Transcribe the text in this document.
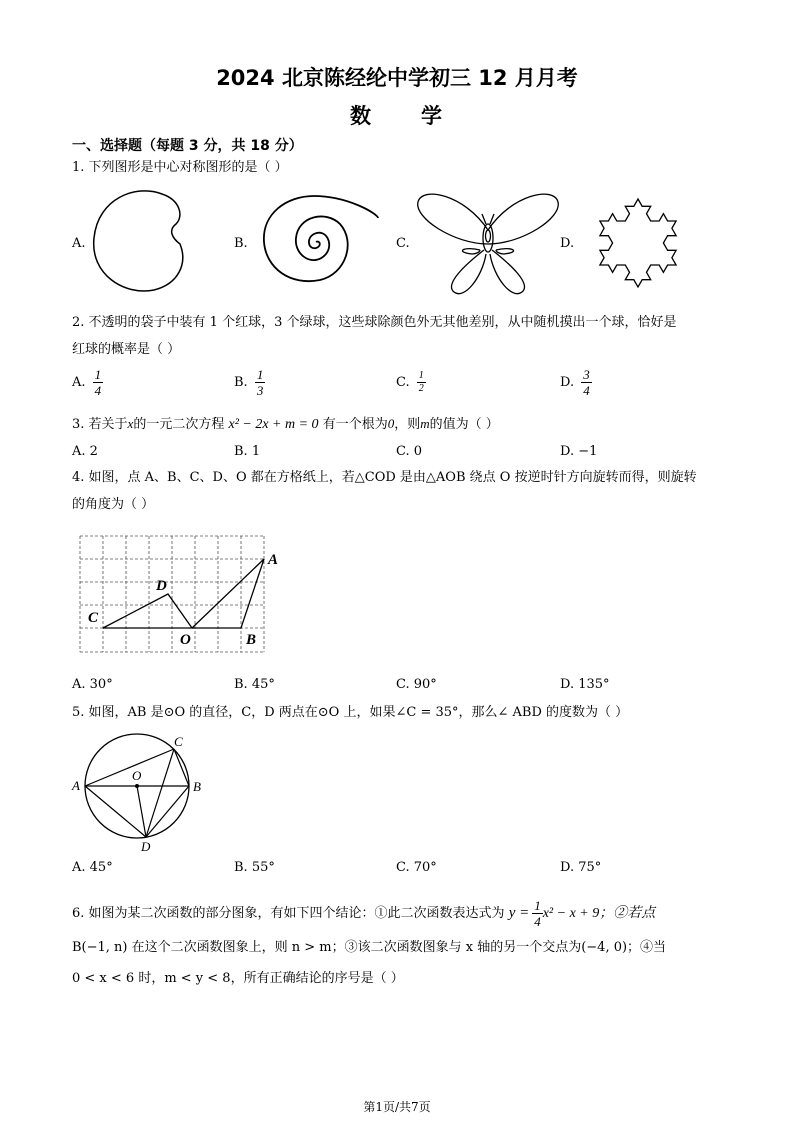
2024 北京陈经纶中学初三 12 月月考
数 学
一、选择题（每题 3 分，共 18 分）
1. 下列图形是中心对称图形的是（ ）
A.	B.	C.	D.
2. 不透明的袋子中装有 1 个红球，3 个绿球，这些球除颜色外无其他差别，从中随机摸出一个球，恰好是
红球的概率是（ ）
A. $\frac{1}{4}$	B. $\frac{1}{3}$	C. $\frac{1}{2}$	D. $\frac{3}{4}$
3. 若关于x的一元二次方程 x² − 2x + m = 0 有一个根为0，则m的值为（ ）
A. 2	B. 1	C. 0	D. −1
4. 如图，点 A、B、C、D、O 都在方格纸上，若△COD 是由△AOB 绕点 O 按逆时针方向旋转而得，则旋转
的角度为（ ）
A
B
C
D
O
A. 30°	B. 45°	C. 90°	D. 135°
5. 如图，AB 是⊙O 的直径，C，D 两点在⊙O 上，如果∠C = 35°，那么∠ ABD 的度数为（ ）
A	B
C
D
O
A. 45°	B. 55°	C. 70°	D. 75°
6. 如图为某二次函数的部分图象，有如下四个结论：①此二次函数表达式为 $y = \frac{1}{4} x^2 - x + 9$；②若点
B(−1, n) 在这个二次函数图象上，则 n > m；③该二次函数图象与 x 轴的另一个交点为(−4, 0)；④当
0 < x < 6 时，m < y < 8，所有正确结论的序号是（ ）
第1页/共7页
